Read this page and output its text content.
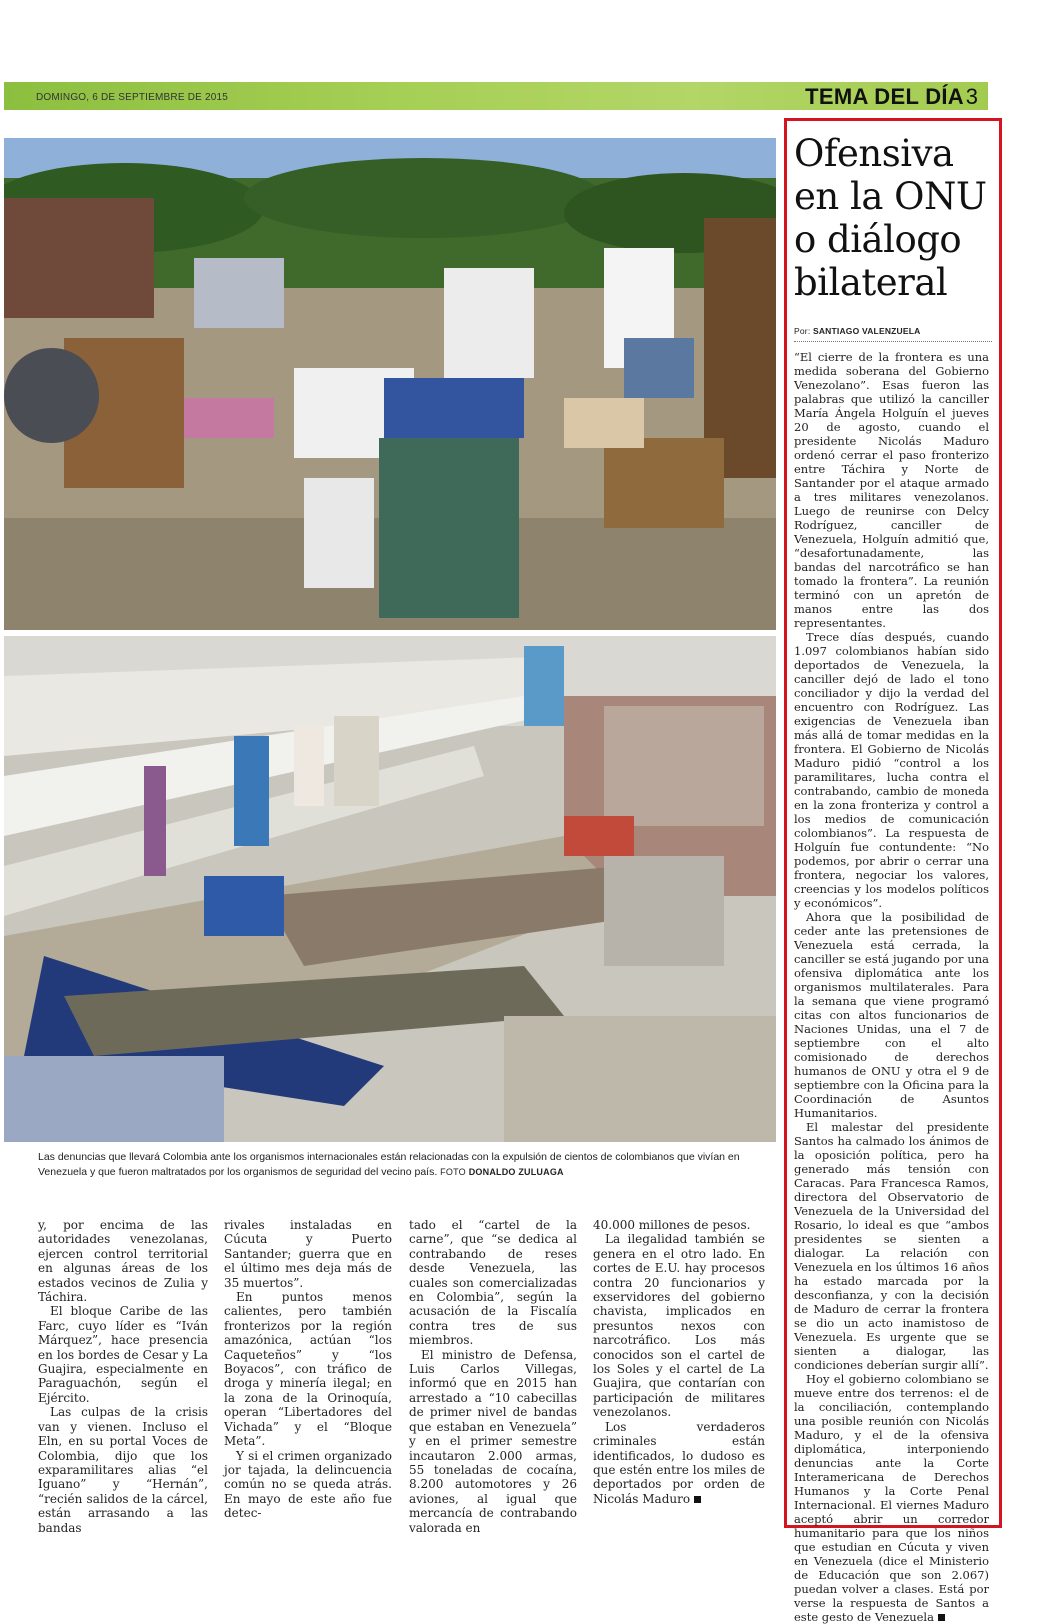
DOMINGO, 6 DE SEPTIEMBRE DE 2015	TEMA DEL DÍA 3
Las denuncias que llevará Colombia ante los organismos internacionales están relacionadas con la expulsión de cientos de colombianos que vivían en Venezuela y que fueron maltratados por los organismos de seguridad del vecino país. FOTO DONALDO ZULUAGA
Ofensiva en la ONU o diálogo bilateral
Por: SANTIAGO VALENZUELA

“El cierre de la frontera es una medida soberana del Gobierno Venezolano”. Esas fueron las palabras que utilizó la canciller María Ángela Holguín el jueves 20 de agosto, cuando el presidente Nicolás Maduro ordenó cerrar el paso fronterizo entre Táchira y Norte de Santander por el ataque armado a tres militares venezolanos. Luego de reunirse con Delcy Rodríguez, canciller de Venezuela, Holguín admitió que, “desafortunadamente, las bandas del narcotráfico se han tomado la frontera”. La reunión terminó con un apretón de manos entre las dos representantes.

Trece días después, cuando 1.097 colombianos habían sido deportados de Venezuela, la canciller dejó de lado el tono conciliador y dijo la verdad del encuentro con Rodríguez. Las exigencias de Venezuela iban más allá de tomar medidas en la frontera. El Gobierno de Nicolás Maduro pidió “control a los paramilitares, lucha contra el contrabando, cambio de moneda en la zona fronteriza y control a los medios de comunicación colombianos”. La respuesta de Holguín fue contundente: “No podemos, por abrir o cerrar una frontera, negociar los valores, creencias y los modelos políticos y económicos”.

Ahora que la posibilidad de ceder ante las pretensiones de Venezuela está cerrada, la canciller se está jugando por una ofensiva diplomática ante los organismos multilaterales. Para la semana que viene programó citas con altos funcionarios de Naciones Unidas, una el 7 de septiembre con el alto comisionado de derechos humanos de ONU y otra el 9 de septiembre con la Oficina para la Coordinación de Asuntos Humanitarios.

El malestar del presidente Santos ha calmado los ánimos de la oposición política, pero ha generado más tensión con Caracas. Para Francesca Ramos, directora del Observatorio de Venezuela de la Universidad del Rosario, lo ideal es que “ambos presidentes se sienten a dialogar. La relación con Venezuela en los últimos 16 años ha estado marcada por la desconfianza, y con la decisión de Maduro de cerrar la frontera se dio un acto inamistoso de Venezuela. Es urgente que se sienten a dialogar, las condiciones deberían surgir allí”.

Hoy el gobierno colombiano se mueve entre dos terrenos: el de la conciliación, contemplando una posible reunión con Nicolás Maduro, y el de la ofensiva diplomática, interponiendo denuncias ante la Corte Interamericana de Derechos Humanos y la Corte Penal Internacional. El viernes Maduro aceptó abrir un corredor humanitario para que los niños que estudian en Cúcuta y viven en Venezuela (dice el Ministerio de Educación que son 2.067) puedan volver a clases. Está por verse la respuesta de Santos a este gesto de Venezuela

y, por encima de las autoridades venezolanas, ejercen control territorial en algunas áreas de los estados vecinos de Zulia y Táchira.

El bloque Caribe de las Farc, cuyo líder es “Iván Márquez”, hace presencia en los bordes de Cesar y La Guajira, especialmente en Paraguachón, según el Ejército.

Las culpas de la crisis van y vienen. Incluso el Eln, en su portal Voces de Colombia, dijo que los exparamilitares alias “el Iguano” y “Hernán”, “recién salidos de la cárcel, están arrasando a las bandas

rivales instaladas en Cúcuta y Puerto Santander; guerra que en el último mes deja más de 35 muertos”.

En puntos menos calientes, pero también fronterizos por la región amazónica, actúan “los Caqueteños” y “los Boyacos”, con tráfico de droga y minería ilegal; en la zona de la Orinoquía, operan “Libertadores del Vichada” y el “Bloque Meta”.

Y si el crimen organizado jor tajada, la delincuencia común no se queda atrás. En mayo de este año fue detec-

tado el “cartel de la carne”, que “se dedica al contrabando de reses desde Venezuela, las cuales son comercializadas en Colombia”, según la acusación de la Fiscalía contra tres de sus miembros.

El ministro de Defensa, Luis Carlos Villegas, informó que en 2015 han arrestado a “10 cabecillas de primer nivel de bandas que estaban en Venezuela” y en el primer semestre incautaron 2.000 armas, 55 toneladas de cocaína, 8.200 automotores y 26 aviones, al igual que mercancía de contrabando valorada en

40.000 millones de pesos.

La ilegalidad también se genera en el otro lado. En cortes de E.U. hay procesos contra 20 funcionarios y exservidores del gobierno chavista, implicados en presuntos nexos con narcotráfico. Los más conocidos son el cartel de los Soles y el cartel de La Guajira, que contarían con participación de militares venezolanos.

Los verdaderos criminales están identificados, lo dudoso es que estén entre los miles de deportados por orden de Nicolás Maduro
